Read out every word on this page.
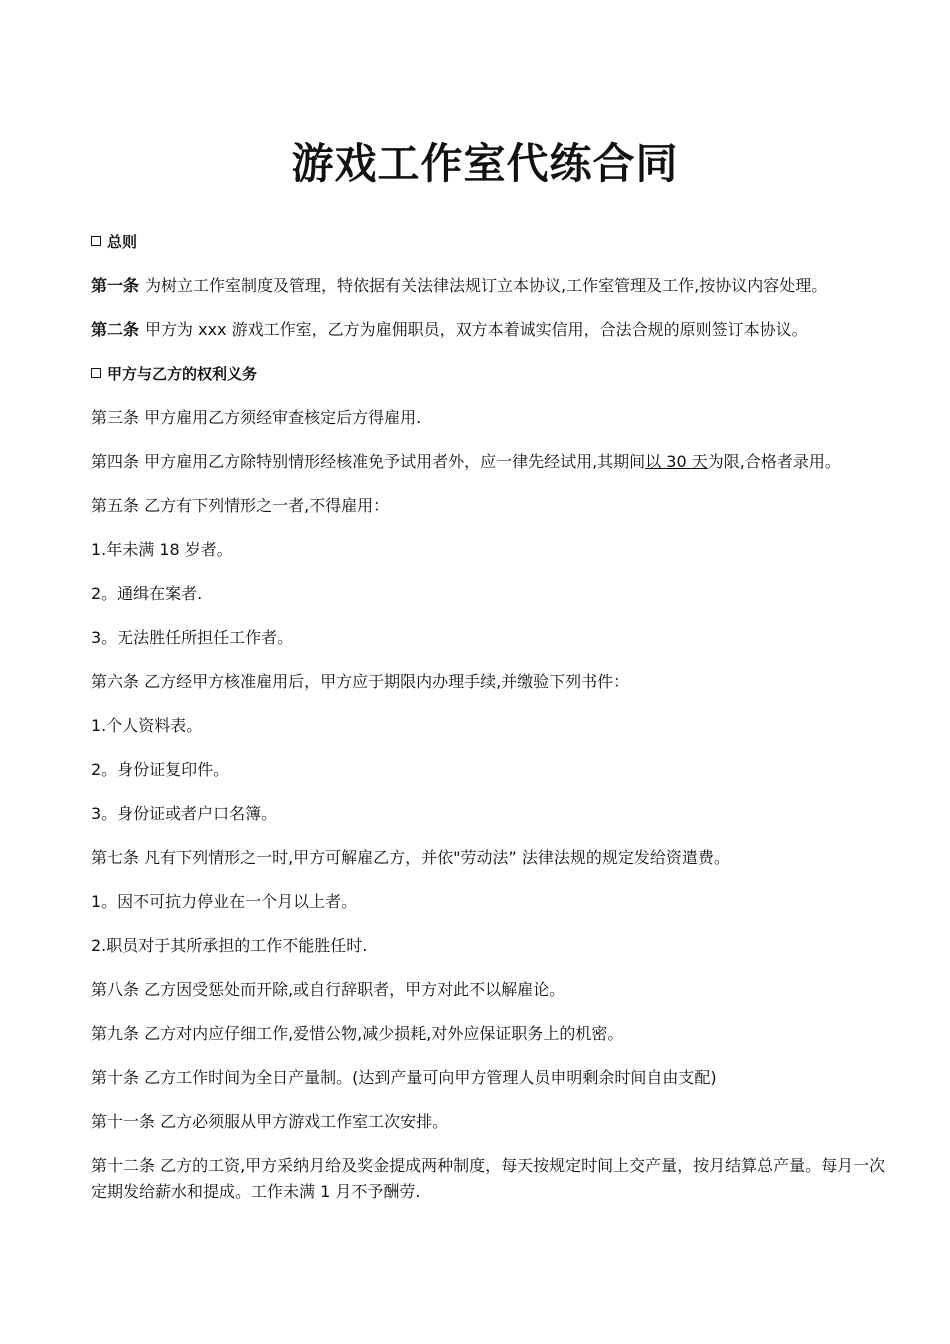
游戏工作室代练合同
总则
第一条 为树立工作室制度及管理，特依据有关法律法规订立本协议,工作室管理及工作,按协议内容处理。
第二条 甲方为 xxx 游戏工作室，乙方为雇佣职员，双方本着诚实信用，合法合规的原则签订本协议。
甲方与乙方的权利义务
第三条 甲方雇用乙方须经审查核定后方得雇用.
第四条 甲方雇用乙方除特别情形经核准免予试用者外，应一律先经试用,其期间以 30 天为限,合格者录用。
第五条 乙方有下列情形之一者,不得雇用：
1.年未满 18 岁者。
2。通缉在案者.
3。无法胜任所担任工作者。
第六条 乙方经甲方核准雇用后，甲方应于期限内办理手续,并缴验下列书件：
1.个人资料表。
2。身份证复印件。
3。身份证或者户口名簿。
第七条 凡有下列情形之一时,甲方可解雇乙方，并依"劳动法” 法律法规的规定发给资遣费。
1。因不可抗力停业在一个月以上者。
2.职员对于其所承担的工作不能胜任时.
第八条 乙方因受惩处而开除,或自行辞职者，甲方对此不以解雇论。
第九条 乙方对内应仔细工作,爱惜公物,减少损耗,对外应保证职务上的机密。
第十条 乙方工作时间为全日产量制。(达到产量可向甲方管理人员申明剩余时间自由支配)
第十一条 乙方必须服从甲方游戏工作室工次安排。
第十二条 乙方的工资,甲方采纳月给及奖金提成两种制度，每天按规定时间上交产量，按月结算总产量。每月一次定期发给薪水和提成。工作未满 1 月不予酬劳.
